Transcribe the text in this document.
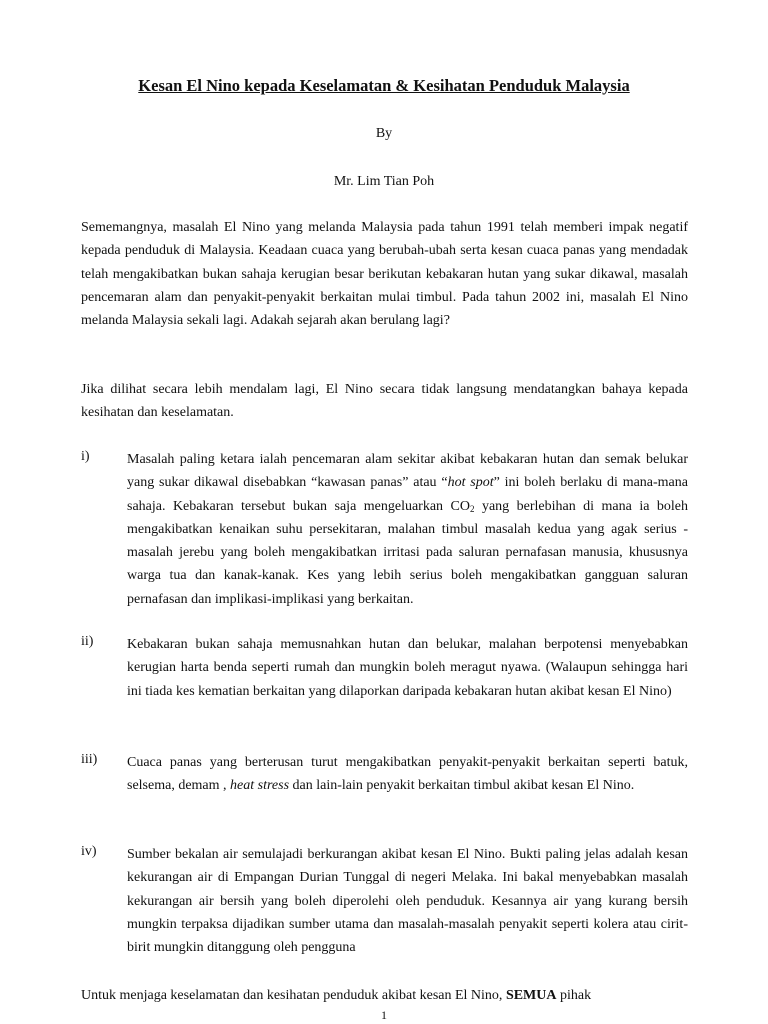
Kesan El Nino kepada Keselamatan & Kesihatan Penduduk Malaysia
By
Mr. Lim Tian Poh

Sememangnya, masalah El Nino yang melanda Malaysia pada tahun 1991 telah memberi impak negatif kepada penduduk di Malaysia. Keadaan cuaca yang berubah-ubah serta kesan cuaca panas yang mendadak telah mengakibatkan bukan sahaja kerugian besar berikutan kebakaran hutan yang sukar dikawal, masalah pencemaran alam dan penyakit-penyakit berkaitan mulai timbul. Pada tahun 2002 ini, masalah El Nino melanda Malaysia sekali lagi. Adakah sejarah akan berulang lagi?

Jika dilihat secara lebih mendalam lagi, El Nino secara tidak langsung mendatangkan bahaya kepada kesihatan dan keselamatan.

i)	Masalah paling ketara ialah pencemaran alam sekitar akibat kebakaran hutan dan semak belukar yang sukar dikawal disebabkan “kawasan panas” atau “hot spot” ini boleh berlaku di mana-mana sahaja. Kebakaran tersebut bukan saja mengeluarkan $CO_2$ yang berlebihan di mana ia boleh mengakibatkan kenaikan suhu persekitaran, malahan timbul masalah kedua yang agak serius - masalah jerebu yang boleh mengakibatkan irritasi pada saluran pernafasan manusia, khususnya warga tua dan kanak-kanak. Kes yang lebih serius boleh mengakibatkan gangguan saluran pernafasan dan implikasi-implikasi yang berkaitan.

ii) Kebakaran bukan sahaja memusnahkan hutan dan belukar, malahan berpotensi menyebabkan kerugian harta benda seperti rumah dan mungkin boleh meragut nyawa. (Walaupun sehingga hari ini tiada kes kematian berkaitan yang dilaporkan daripada kebakaran hutan akibat kesan El Nino)

iii) Cuaca panas yang berterusan turut mengakibatkan penyakit-penyakit berkaitan seperti batuk, selsema, demam , heat stress dan lain-lain penyakit berkaitan timbul akibat kesan El Nino.

iv) Sumber bekalan air semulajadi berkurangan akibat kesan El Nino. Bukti paling jelas adalah kesan kekurangan air di Empangan Durian Tunggal di negeri Melaka. Ini bakal menyebabkan masalah kekurangan air bersih yang boleh diperolehi oleh penduduk. Kesannya air yang kurang bersih mungkin terpaksa dijadikan sumber utama dan masalah-masalah penyakit seperti kolera atau cirit-birit mungkin ditanggung oleh pengguna

Untuk menjaga keselamatan dan kesihatan penduduk akibat kesan El Nino, SEMUA pihak

1
